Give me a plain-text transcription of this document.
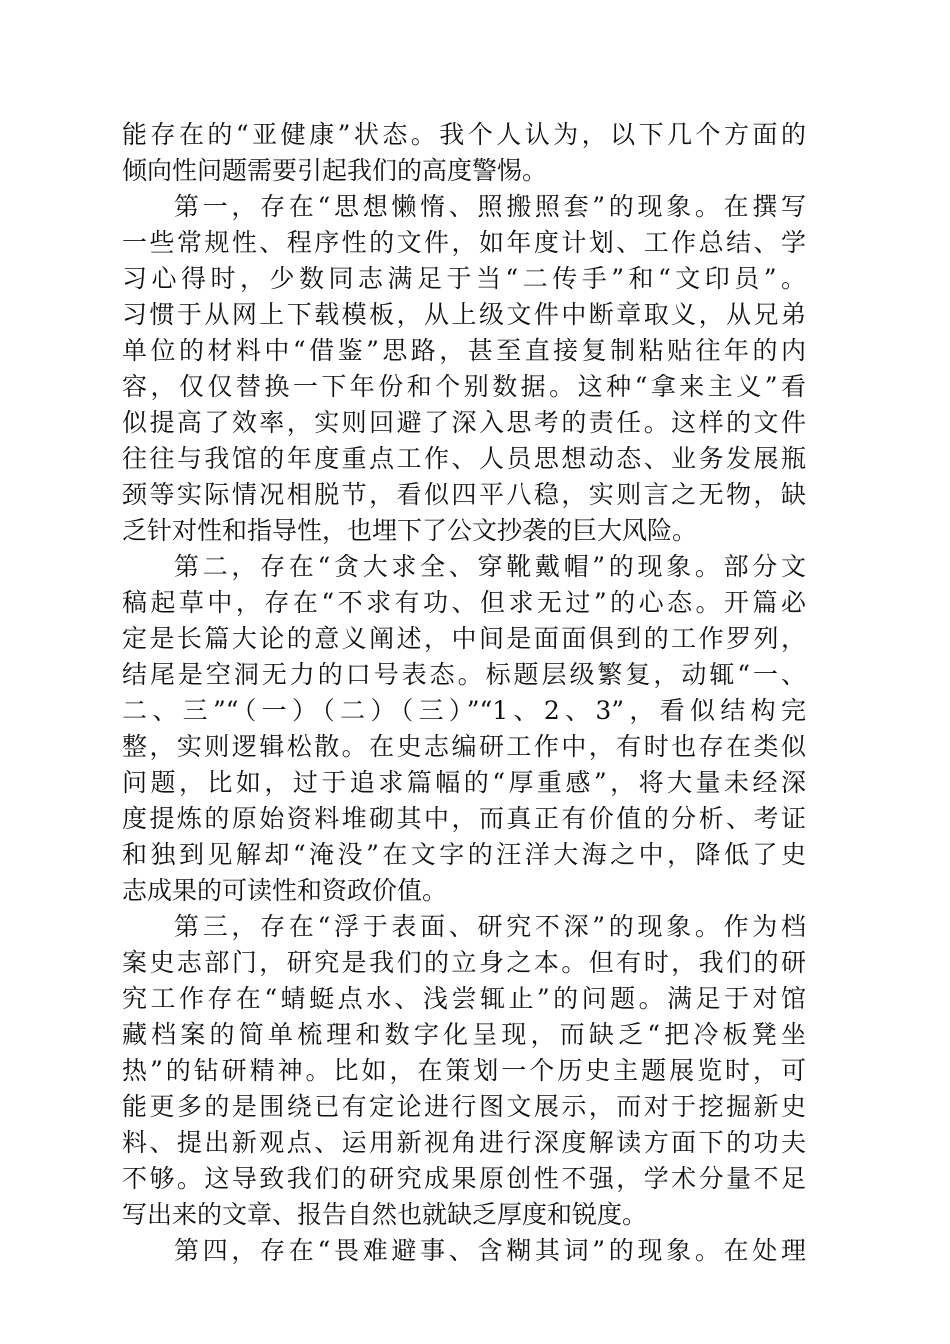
能存在的“亚健康”状态。我个人认为，以下几个方面的
倾向性问题需要引起我们的高度警惕。
第一，存在“思想懒惰、照搬照套”的现象。在撰写
一些常规性、程序性的文件，如年度计划、工作总结、学
习心得时，少数同志满足于当“二传手”和“文印员”。
习惯于从网上下载模板，从上级文件中断章取义，从兄弟
单位的材料中“借鉴”思路，甚至直接复制粘贴往年的内
容，仅仅替换一下年份和个别数据。这种“拿来主义”看
似提高了效率，实则回避了深入思考的责任。这样的文件
往往与我馆的年度重点工作、人员思想动态、业务发展瓶
颈等实际情况相脱节，看似四平八稳，实则言之无物，缺
乏针对性和指导性，也埋下了公文抄袭的巨大风险。
第二，存在“贪大求全、穿靴戴帽”的现象。部分文
稿起草中，存在“不求有功、但求无过”的心态。开篇必
定是长篇大论的意义阐述，中间是面面俱到的工作罗列，
结尾是空洞无力的口号表态。标题层级繁复，动辄“一、
二、三”“（一）（二）（三）”“1、2、3”，看似结构完
整，实则逻辑松散。在史志编研工作中，有时也存在类似
问题，比如，过于追求篇幅的“厚重感”，将大量未经深
度提炼的原始资料堆砌其中，而真正有价值的分析、考证
和独到见解却“淹没”在文字的汪洋大海之中，降低了史
志成果的可读性和资政价值。
第三，存在“浮于表面、研究不深”的现象。作为档
案史志部门，研究是我们的立身之本。但有时，我们的研
究工作存在“蜻蜓点水、浅尝辄止”的问题。满足于对馆
藏档案的简单梳理和数字化呈现，而缺乏“把冷板凳坐
热”的钻研精神。比如，在策划一个历史主题展览时，可
能更多的是围绕已有定论进行图文展示，而对于挖掘新史
料、提出新观点、运用新视角进行深度解读方面下的功夫
不够。这导致我们的研究成果原创性不强，学术分量不足
写出来的文章、报告自然也就缺乏厚度和锐度。
第四，存在“畏难避事、含糊其词”的现象。在处理
